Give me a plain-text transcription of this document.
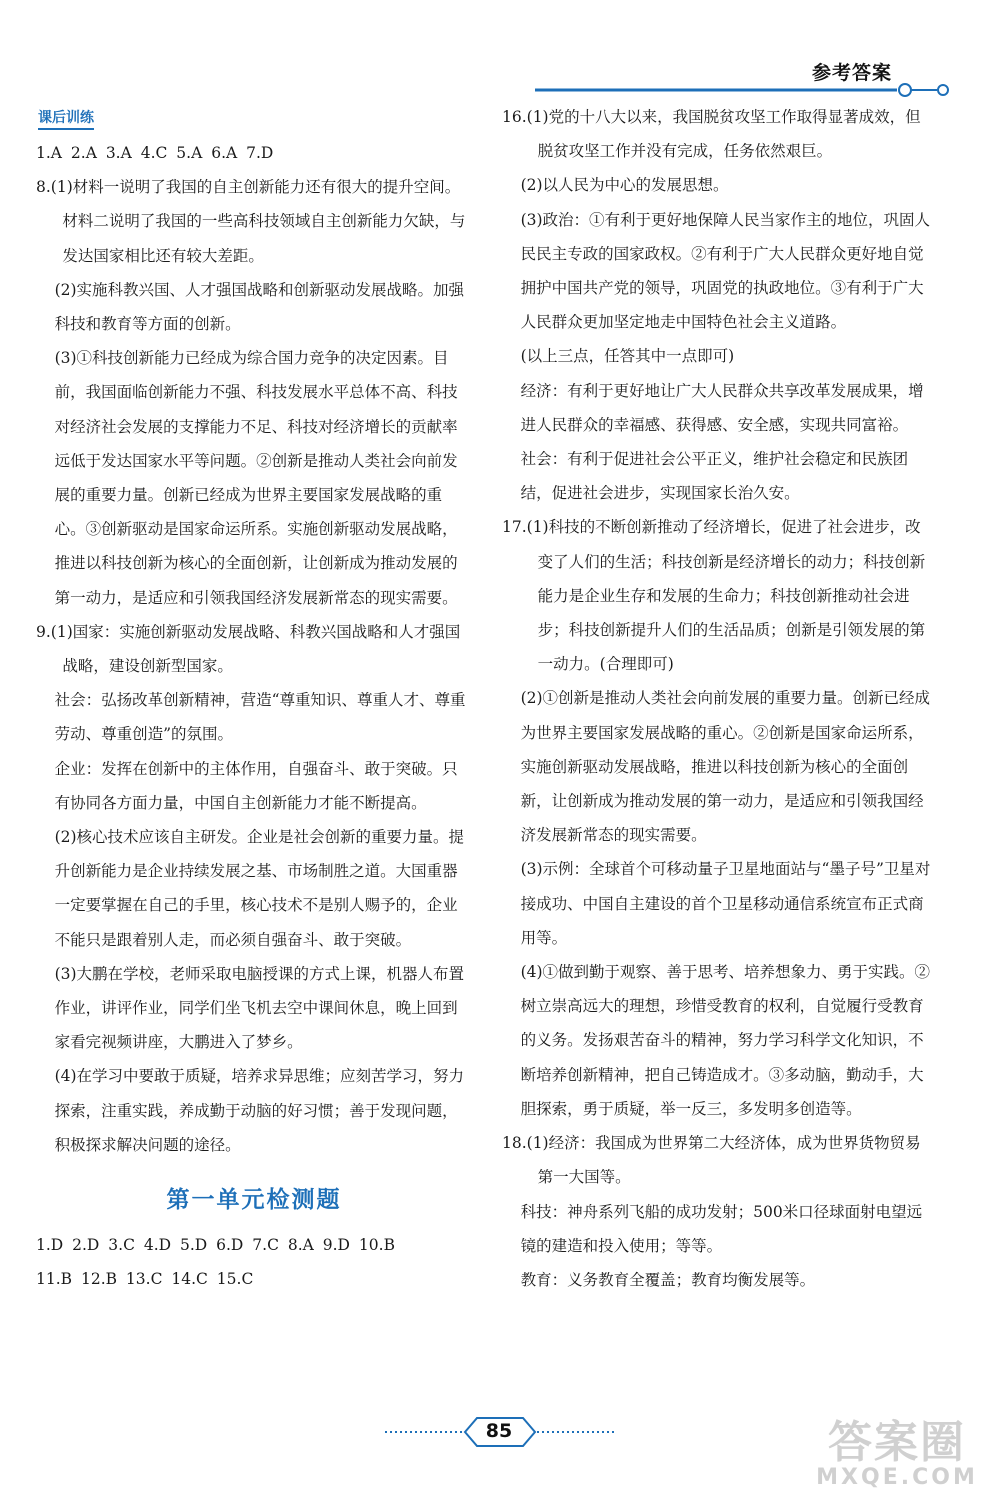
参考答案

课后训练

1.A 2.A 3.A 4.C 5.A 6.A 7.D

8.(1)材料一说明了我国的自主创新能力还有很大的提升空间。材料二说明了我国的一些高科技领域自主创新能力欠缺，与发达国家相比还有较大差距。

(2)实施科教兴国、人才强国战略和创新驱动发展战略。加强科技和教育等方面的创新。

(3)①科技创新能力已经成为综合国力竞争的决定因素。目前，我国面临创新能力不强、科技发展水平总体不高、科技对经济社会发展的支撑能力不足、科技对经济增长的贡献率远低于发达国家水平等问题。②创新是推动人类社会向前发展的重要力量。创新已经成为世界主要国家发展战略的重心。③创新驱动是国家命运所系。实施创新驱动发展战略，推进以科技创新为核心的全面创新，让创新成为推动发展的第一动力，是适应和引领我国经济发展新常态的现实需要。

9.(1)国家：实施创新驱动发展战略、科教兴国战略和人才强国战略，建设创新型国家。

社会：弘扬改革创新精神，营造“尊重知识、尊重人才、尊重劳动、尊重创造”的氛围。

企业：发挥在创新中的主体作用，自强奋斗、敢于突破。只有协同各方面力量，中国自主创新能力才能不断提高。

(2)核心技术应该自主研发。企业是社会创新的重要力量。提升创新能力是企业持续发展之基、市场制胜之道。大国重器一定要掌握在自己的手里，核心技术不是别人赐予的，企业不能只是跟着别人走，而必须自强奋斗、敢于突破。

(3)大鹏在学校，老师采取电脑授课的方式上课，机器人布置作业，讲评作业，同学们坐飞机去空中课间休息，晚上回到家看完视频讲座，大鹏进入了梦乡。

(4)在学习中要敢于质疑，培养求异思维；应刻苦学习，努力探索，注重实践，养成勤于动脑的好习惯；善于发现问题，积极探求解决问题的途径。

第一单元检测题

1.D 2.D 3.C 4.D 5.D 6.D 7.C 8.A 9.D 10.B

11.B 12.B 13.C 14.C 15.C

16.(1)党的十八大以来，我国脱贫攻坚工作取得显著成效，但脱贫攻坚工作并没有完成，任务依然艰巨。

(2)以人民为中心的发展思想。

(3)政治：①有利于更好地保障人民当家作主的地位，巩固人民民主专政的国家政权。②有利于广大人民群众更好地自觉拥护中国共产党的领导，巩固党的执政地位。③有利于广大人民群众更加坚定地走中国特色社会主义道路。

(以上三点，任答其中一点即可)

经济：有利于更好地让广大人民群众共享改革发展成果，增进人民群众的幸福感、获得感、安全感，实现共同富裕。

社会：有利于促进社会公平正义，维护社会稳定和民族团结，促进社会进步，实现国家长治久安。

17.(1)科技的不断创新推动了经济增长，促进了社会进步，改变了人们的生活；科技创新是经济增长的动力；科技创新能力是企业生存和发展的生命力；科技创新推动社会进步；科技创新提升人们的生活品质；创新是引领发展的第一动力。(合理即可)

(2)①创新是推动人类社会向前发展的重要力量。创新已经成为世界主要国家发展战略的重心。②创新是国家命运所系，实施创新驱动发展战略，推进以科技创新为核心的全面创新，让创新成为推动发展的第一动力，是适应和引领我国经济发展新常态的现实需要。

(3)示例：全球首个可移动量子卫星地面站与“墨子号”卫星对接成功、中国自主建设的首个卫星移动通信系统宣布正式商用等。

(4)①做到勤于观察、善于思考、培养想象力、勇于实践。②树立崇高远大的理想，珍惜受教育的权利，自觉履行受教育的义务。发扬艰苦奋斗的精神，努力学习科学文化知识，不断培养创新精神，把自己铸造成才。③多动脑，勤动手，大胆探索，勇于质疑，举一反三，多发明多创造等。

18.(1)经济：我国成为世界第二大经济体，成为世界货物贸易第一大国等。

科技：神舟系列飞船的成功发射；500米口径球面射电望远镜的建造和投入使用；等等。

教育：义务教育全覆盖；教育均衡发展等。

85	答案圈
MXQE.COM
